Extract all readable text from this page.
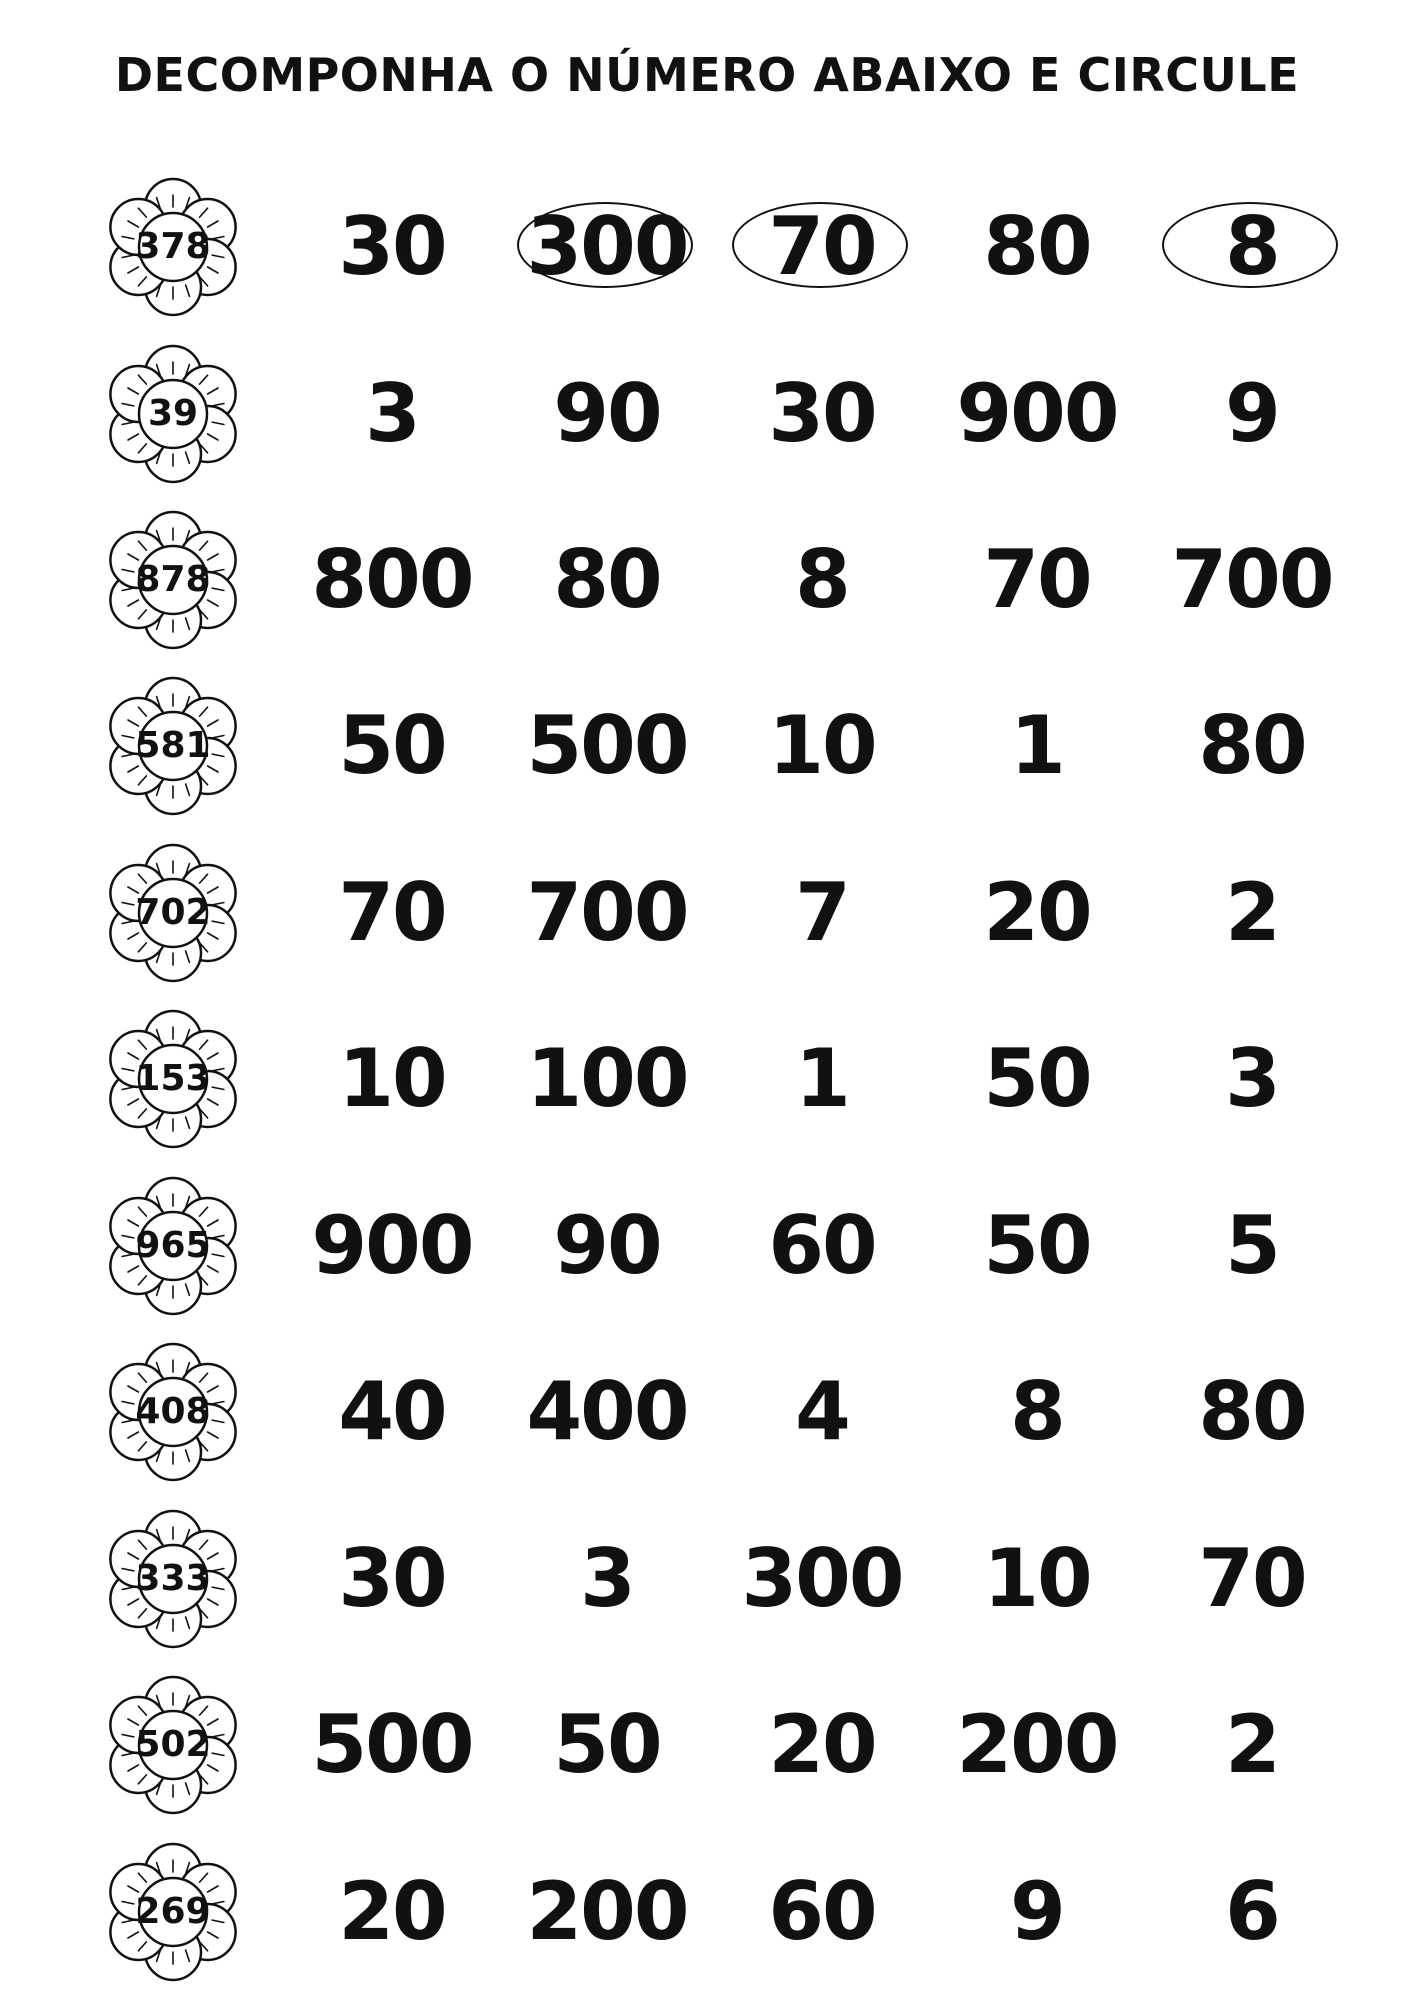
DECOMPONHA O NÚMERO ABAIXO E CIRCULE
378	30	300	70	80	8
39	3	90	30	900	9
878	800	80	8	70	700
581	50	500	10	1	80
702	70	700	7	20	2
153	10	100	1	50	3
965	900	90	60	50	5
408	40	400	4	8	80
333	30	3	300	10	70
502	500	50	20	200	2
269	20	200	60	9	6
